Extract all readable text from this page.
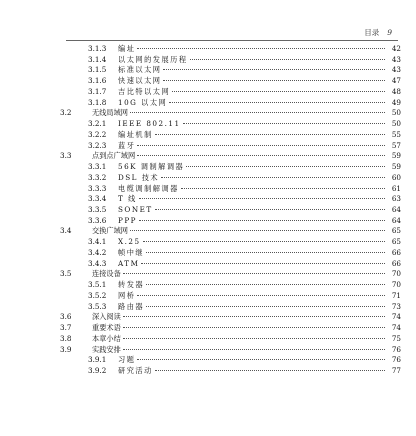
目录 9
3.1.3	编址	42
3.1.4	以太网的发展历程	43
3.1.5	标准以太网	43
3.1.6	快速以太网	47
3.1.7	吉比特以太网	48
3.1.8	10G 以太网	49
3.2	无线局域网	50
3.2.1	IEEE 802.11	50
3.2.2	编址机制	55
3.2.3	蓝牙	57
3.3	点到点广域网	59
3.3.1	56K 调制解调器	59
3.3.2	DSL 技术	60
3.3.3	电缆调制解调器	61
3.3.4	T 线	63
3.3.5	SONET	64
3.3.6	PPP	64
3.4	交换广域网	65
3.4.1	X.25	65
3.4.2	帧中继	66
3.4.3	ATM	66
3.5	连接设备	70
3.5.1	转发器	70
3.5.2	网桥	71
3.5.3	路由器	73
3.6	深入阅读	74
3.7	重要术语	74
3.8	本章小结	75
3.9	实践安排	76
3.9.1	习题	76
3.9.2	研究活动	77
